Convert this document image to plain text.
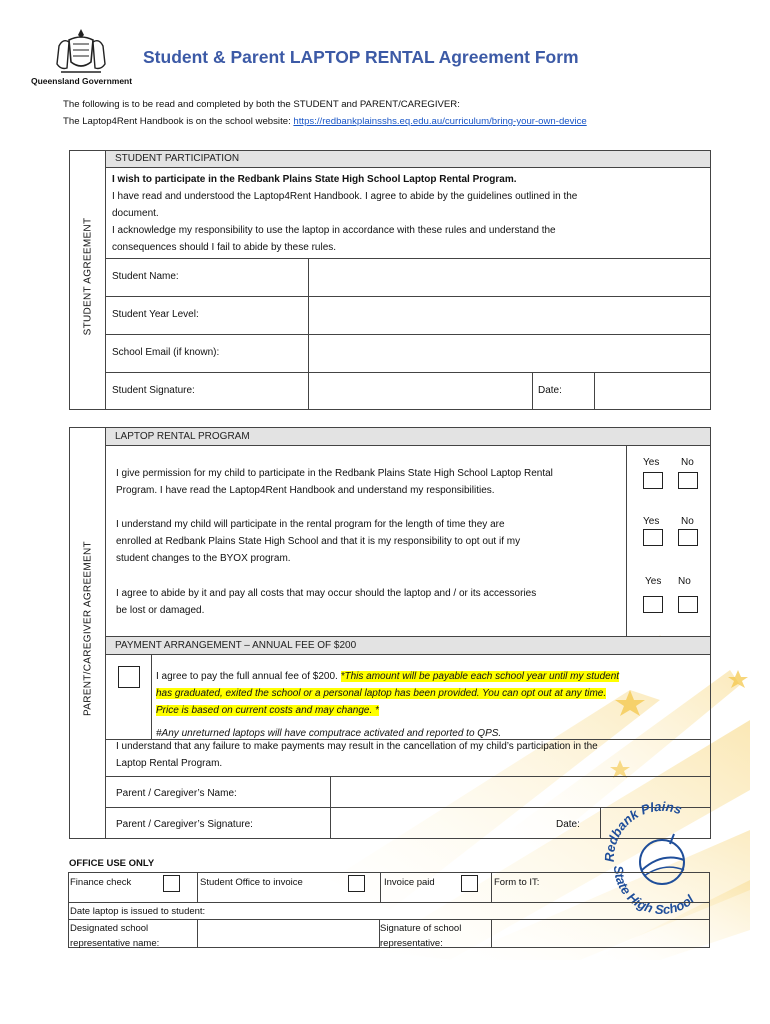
Queensland Government
Student & Parent LAPTOP RENTAL Agreement Form
The following is to be read and completed by both the STUDENT and PARENT/CAREGIVER:
The Laptop4Rent Handbook is on the school website: https://redbankplainsshs.eq.edu.au/curriculum/bring-your-own-device
STUDENT AGREEMENT
STUDENT PARTICIPATION
I wish to participate in the Redbank Plains State High School Laptop Rental Program.
I have read and understood the Laptop4Rent Handbook. I agree to abide by the guidelines outlined in the
document.
I acknowledge my responsibility to use the laptop in accordance with these rules and understand the
consequences should I fail to abide by these rules.
Student Name:
Student Year Level:
School Email (if known):
Student Signature:	Date:
PARENT/CAREGIVER AGREEMENT
LAPTOP RENTAL PROGRAM
I give permission for my child to participate in the Redbank Plains State High School Laptop Rental
Program. I have read the Laptop4Rent Handbook and understand my responsibilities.
Yes No
I understand my child will participate in the rental program for the length of time they are
enrolled at Redbank Plains State High School and that it is my responsibility to opt out if my
student changes to the BYOX program.
Yes No
I agree to abide by it and pay all costs that may occur should the laptop and / or its accessories
be lost or damaged.
Yes No
PAYMENT ARRANGEMENT – ANNUAL FEE OF $200
I agree to pay the full annual fee of $200. *This amount will be payable each school year until my student
has graduated, exited the school or a personal laptop has been provided. You can opt out at any time.
Price is based on current costs and may change. *
#Any unreturned laptops will have computrace activated and reported to QPS.
I understand that any failure to make payments may result in the cancellation of my child’s participation in the
Laptop Rental Program.
Parent / Caregiver’s Name:
Parent / Caregiver’s Signature:	Date:
Redbank Plains
State High School
OFFICE USE ONLY
Finance check	Student Office to invoice	Invoice paid	Form to IT:
Date laptop is issued to student:
Designated school
representative name:
Signature of school
representative:
